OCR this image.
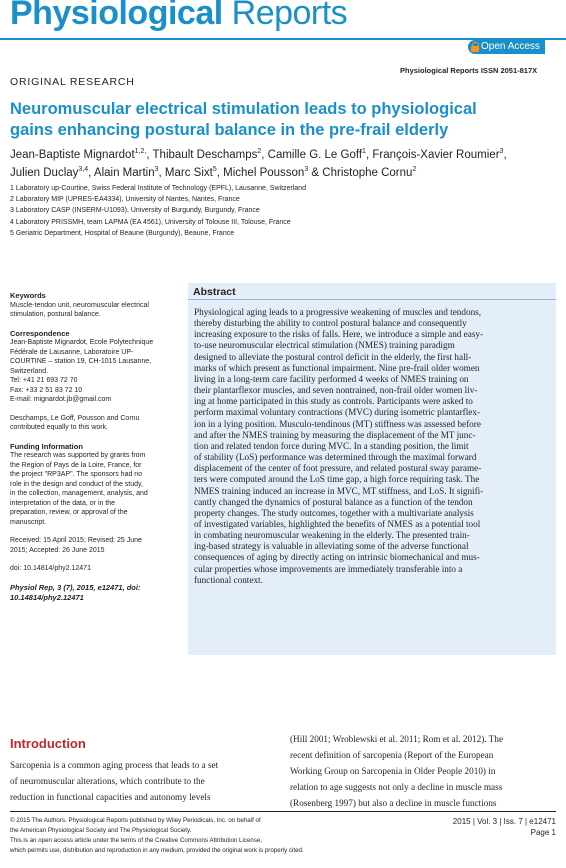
Physiological Reports
Open Access
Physiological Reports ISSN 2051-817X
ORIGINAL RESEARCH
Neuromuscular electrical stimulation leads to physiological
gains enhancing postural balance in the pre-frail elderly
Jean-Baptiste Mignardot$^{1,2,}$, Thibault Deschamps$^2$, Camille G. Le Goff$^1$, François-Xavier Roumier$^3$,
Julien Duclay$^{3,4}$, Alain Martin$^3$, Marc Sixt$^5$, Michel Pousson$^3$ & Christophe Cornu$^2$
1 Laboratory up-Courtine, Swiss Federal Institute of Technology (EPFL), Lausanne, Switzerland
2 Laboratory MIP (UPRES-EA4334), University of Nantes, Nantes, France
3 Laboratory CASP (INSERM-U1093), University of Burgundy, Burgundy, France
4 Laboratory PRISSMH, team LAPMA (EA 4561), University of Tolouse III, Tolouse, France
5 Geriatric Department, Hospital of Beaune (Burgundy), Beaune, France
Keywords
Muscle-tendon unit, neuromuscular electrical
stimulation, postural balance.
Correspondence
Jean-Baptiste Mignardot, Ecole Polytechnique
Fédérale de Lausanne, Laboratoire UP-
COURTINE – station 19, CH-1015 Lausanne,
Switzerland.
Tel: +41 21 693 72 70
Fax: +33 2 51 83 72 10
E-mail: mignardot.jb@gmail.com
Deschamps, Le Goff, Pousson and Cornu
contributed equally to this work.
Funding Information
The research was supported by grants from
the Region of Pays de la Loire, France, for
the project "RP3AP". The sponsors had no
role in the design and conduct of the study,
in the collection, management, analysis, and
interpretation of the data, or in the
preparation, review, or approval of the
manuscript.
Received: 15 April 2015; Revised: 25 June
2015; Accepted: 26 June 2015
doi: 10.14814/phy2.12471
Physiol Rep, 3 (7), 2015, e12471, doi:
10.14814/phy2.12471
Abstract
Physiological aging leads to a progressive weakening of muscles and tendons,
thereby disturbing the ability to control postural balance and consequently
increasing exposure to the risks of falls. Here, we introduce a simple and easy-
to-use neuromuscular electrical stimulation (NMES) training paradigm
designed to alleviate the postural control deficit in the elderly, the first hall-
marks of which present as functional impairment. Nine pre-frail older women
living in a long-term care facility performed 4 weeks of NMES training on
their plantarflexor muscles, and seven nontrained, non-frail older women liv-
ing at home participated in this study as controls. Participants were asked to
perform maximal voluntary contractions (MVC) during isometric plantarflex-
ion in a lying position. Musculo-tendinous (MT) stiffness was assessed before
and after the NMES training by measuring the displacement of the MT junc-
tion and related tendon force during MVC. In a standing position, the limit
of stability (LoS) performance was determined through the maximal forward
displacement of the center of foot pressure, and related postural sway parame-
ters were computed around the LoS time gap, a high force requiring task. The
NMES training induced an increase in MVC, MT stiffness, and LoS. It signifi-
cantly changed the dynamics of postural balance as a function of the tendon
property changes. The study outcomes, together with a multivariate analysis
of investigated variables, highlighted the benefits of NMES as a potential tool
in combating neuromuscular weakening in the elderly. The presented train-
ing-based strategy is valuable in alleviating some of the adverse functional
consequences of aging by directly acting on intrinsic biomechanical and mus-
cular properties whose improvements are immediately transferable into a
functional context.
Introduction
Sarcopenia is a common aging process that leads to a set
of neuromuscular alterations, which contribute to the
reduction in functional capacities and autonomy levels
(Hill 2001; Wroblewski et al. 2011; Rom et al. 2012). The
recent definition of sarcopenia (Report of the European
Working Group on Sarcopenia in Older People 2010) in
relation to age suggests not only a decline in muscle mass
(Rosenberg 1997) but also a decline in muscle functions
© 2015 The Authors. Physiological Reports published by Wiley Periodicals, Inc. on behalf of
the American Physiological Society and The Physiological Society.
This is an open access article under the terms of the Creative Commons Attribution License,
which permits use, distribution and reproduction in any medium, provided the original work is properly cited.
2015 | Vol. 3 | Iss. 7 | e12471
Page 1
